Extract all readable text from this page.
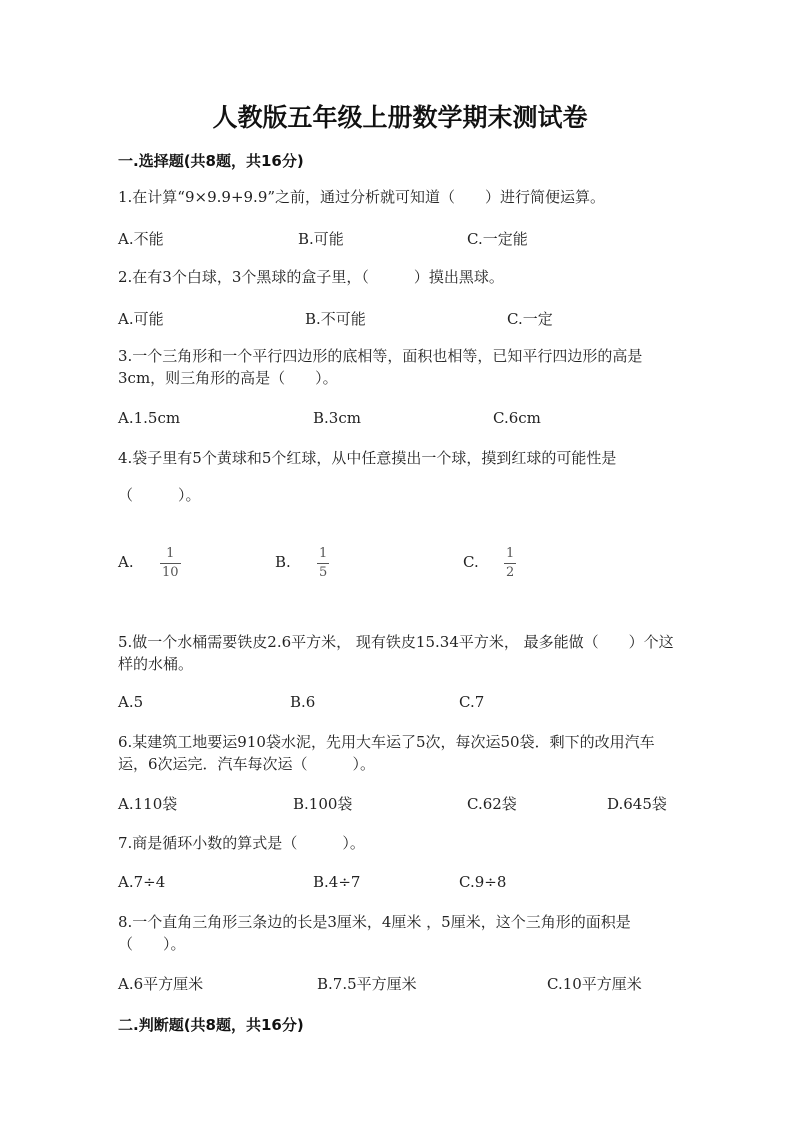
人教版五年级上册数学期末测试卷
一.选择题(共8题，共16分)
1.在计算“9×9.9+9.9”之前，通过分析就可知道（　　）进行简便运算。
A.不能	B.可能	C.一定能
2.在有3个白球，3个黑球的盒子里，（　　　）摸出黑球。
A.可能	B.不可能	C.一定
3.一个三角形和一个平行四边形的底相等，面积也相等，已知平行四边形的高是3cm，则三角形的高是（　　）。
A.1.5cm	B.3cm	C.6cm
4.袋子里有5个黄球和5个红球，从中任意摸出一个球，摸到红球的可能性是
（　　　）。
A.	1
10
B. 1
5
C. 1
2
5.做一个水桶需要铁皮2.6平方米， 现有铁皮15.34平方米， 最多能做（　　）个这样的水桶。
A.5	B.6	C.7
6.某建筑工地要运910袋水泥，先用大车运了5次，每次运50袋．剩下的改用汽车运，6次运完．汽车每次运（　　　）。
A.110袋	B.100袋	C.62袋	D.645袋
7.商是循环小数的算式是（　　　）。
A.7÷4	B.4÷7	C.9÷8
8.一个直角三角形三条边的长是3厘米，4厘米 ，5厘米，这个三角形的面积是（　　）。
A.6平方厘米	B.7.5平方厘米	C.10平方厘米
二.判断题(共8题，共16分)
